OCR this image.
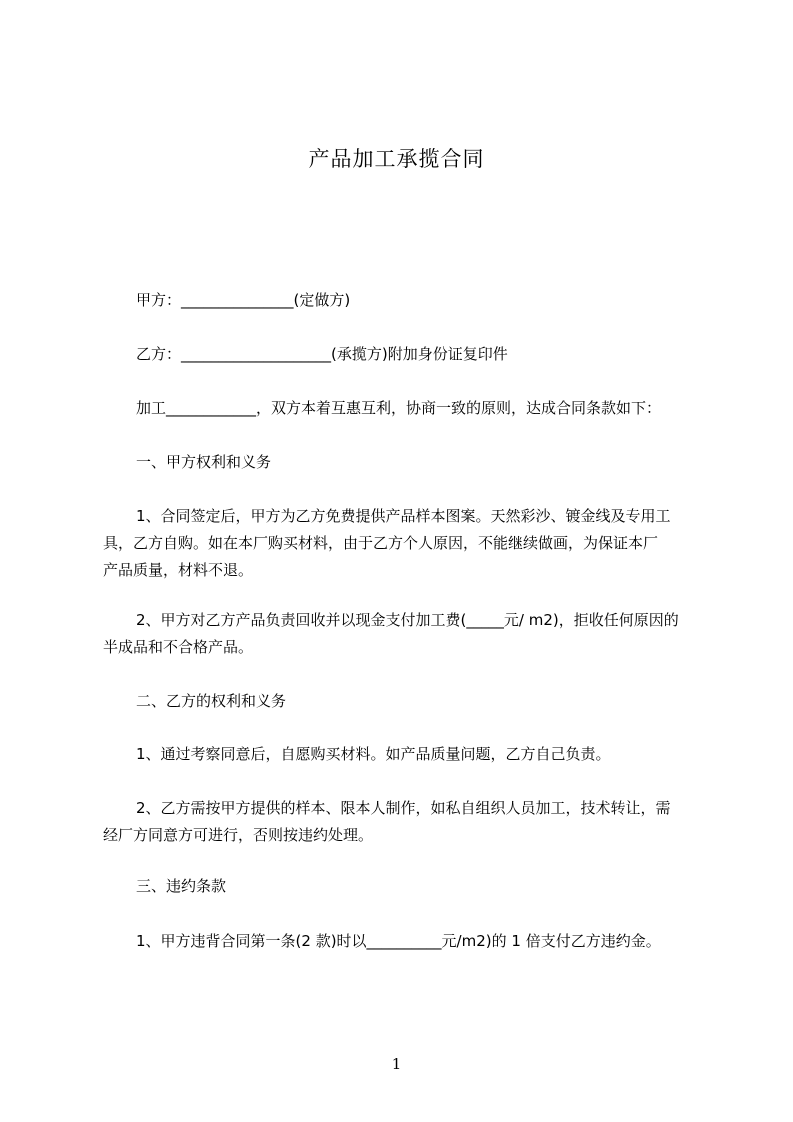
产品加工承揽合同
甲方：_______________(定做方)
乙方：____________________(承揽方)附加身份证复印件
加工____________，双方本着互惠互利，协商一致的原则，达成合同条款如下：
一、甲方权利和义务
1、合同签定后，甲方为乙方免费提供产品样本图案。天然彩沙、镀金线及专用工
具，乙方自购。如在本厂购买材料，由于乙方个人原因，不能继续做画，为保证本厂
产品质量，材料不退。
2、甲方对乙方产品负责回收并以现金支付加工费(_____元/ m2)，拒收任何原因的
半成品和不合格产品。
二、乙方的权利和义务
1、通过考察同意后，自愿购买材料。如产品质量问题，乙方自己负责。
2、乙方需按甲方提供的样本、限本人制作，如私自组织人员加工，技术转让，需
经厂方同意方可进行，否则按违约处理。
三、违约条款
1、甲方违背合同第一条(2 款)时以__________元/m2)的 1 倍支付乙方违约金。
1
